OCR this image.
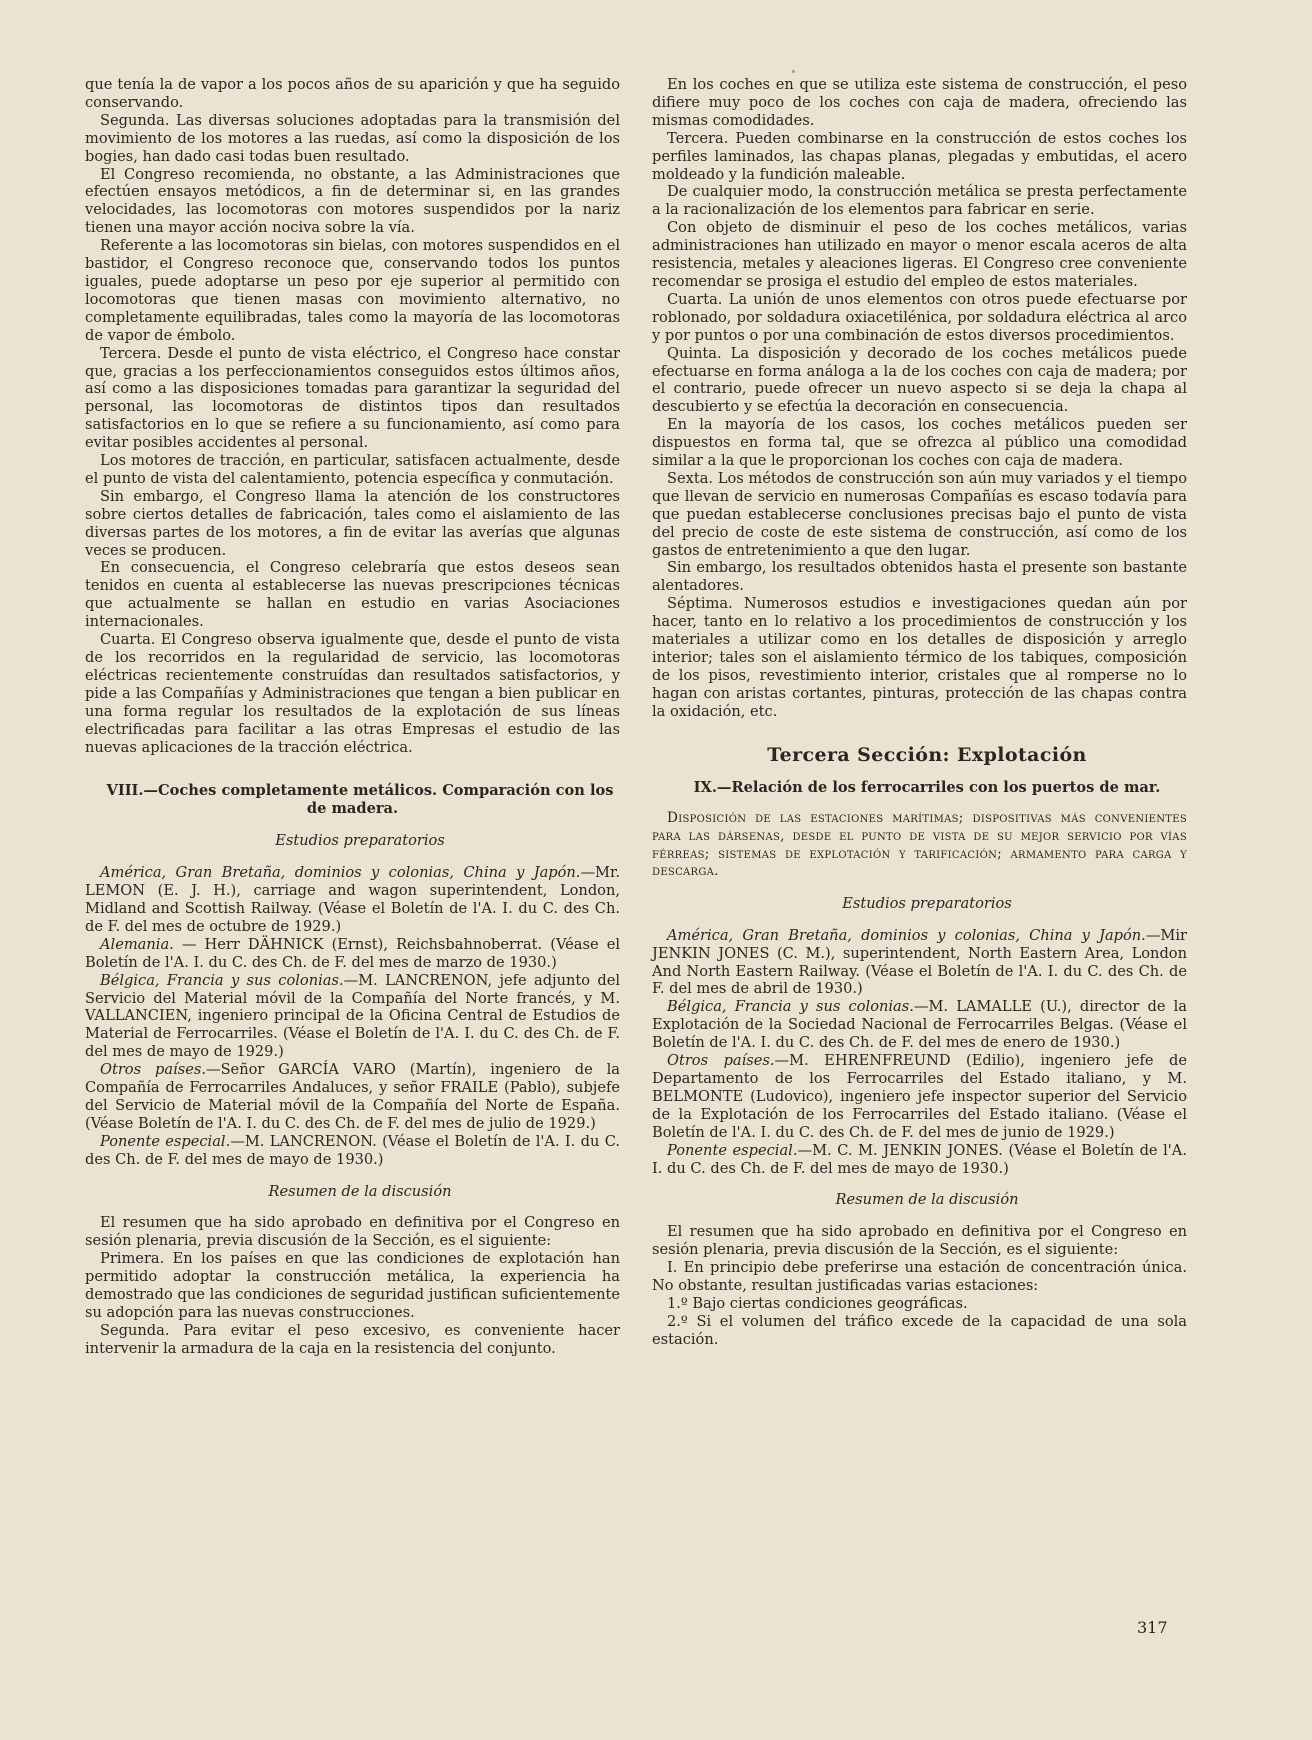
que tenía la de vapor a los pocos años de su aparición y que ha seguido conservando.

Segunda. Las diversas soluciones adoptadas para la transmisión del movimiento de los motores a las ruedas, así como la disposición de los bogies, han dado casi todas buen resultado.

El Congreso recomienda, no obstante, a las Administraciones que efectúen ensayos metódicos, a fin de determinar si, en las grandes velocidades, las locomotoras con motores suspendidos por la nariz tienen una mayor acción nociva sobre la vía.

Referente a las locomotoras sin bielas, con motores suspendidos en el bastidor, el Congreso reconoce que, conservando todos los puntos iguales, puede adoptarse un peso por eje superior al permitido con locomotoras que tienen masas con movimiento alternativo, no completamente equilibradas, tales como la mayoría de las locomotoras de vapor de émbolo.

Tercera. Desde el punto de vista eléctrico, el Congreso hace constar que, gracias a los perfeccionamientos conseguidos estos últimos años, así como a las disposiciones tomadas para garantizar la seguridad del personal, las locomotoras de distintos tipos dan resultados satisfactorios en lo que se refiere a su funcionamiento, así como para evitar posibles accidentes al personal.

Los motores de tracción, en particular, satisfacen actualmente, desde el punto de vista del calentamiento, potencia específica y conmutación.

Sin embargo, el Congreso llama la atención de los constructores sobre ciertos detalles de fabricación, tales como el aislamiento de las diversas partes de los motores, a fin de evitar las averías que algunas veces se producen.

En consecuencia, el Congreso celebraría que estos deseos sean tenidos en cuenta al establecerse las nuevas prescripciones técnicas que actualmente se hallan en estudio en varias Asociaciones internacionales.

Cuarta. El Congreso observa igualmente que, desde el punto de vista de los recorridos en la regularidad de servicio, las locomotoras eléctricas recientemente construídas dan resultados satisfactorios, y pide a las Compañías y Administraciones que tengan a bien publicar en una forma regular los resultados de la explotación de sus líneas electrificadas para facilitar a las otras Empresas el estudio de las nuevas aplicaciones de la tracción eléctrica.

VIII.—Coches completamente metálicos. Comparación con los de madera.

Estudios preparatorios

América, Gran Bretaña, dominios y colonias, China y Japón.—Mr. LEMON (E. J. H.), carriage and wagon superintendent, London, Midland and Scottish Railway. (Véase el Boletín de l'A. I. du C. des Ch. de F. del mes de octubre de 1929.)

Alemania. — Herr DÄHNICK (Ernst), Reichsbahnoberrat. (Véase el Boletín de l'A. I. du C. des Ch. de F. del mes de marzo de 1930.)

Bélgica, Francia y sus colonias.—M. LANCRENON, jefe adjunto del Servicio del Material móvil de la Compañía del Norte francés, y M. VALLANCIEN, ingeniero principal de la Oficina Central de Estudios de Material de Ferrocarriles. (Véase el Boletín de l'A. I. du C. des Ch. de F. del mes de mayo de 1929.)

Otros países.—Señor GARCÍA VARO (Martín), ingeniero de la Compañía de Ferrocarriles Andaluces, y señor FRAILE (Pablo), subjefe del Servicio de Material móvil de la Compañía del Norte de España. (Véase Boletín de l'A. I. du C. des Ch. de F. del mes de julio de 1929.)

Ponente especial.—M. LANCRENON. (Véase el Boletín de l'A. I. du C. des Ch. de F. del mes de mayo de 1930.)

Resumen de la discusión

El resumen que ha sido aprobado en definitiva por el Congreso en sesión plenaria, previa discusión de la Sección, es el siguiente:

Primera. En los países en que las condiciones de explotación han permitido adoptar la construcción metálica, la experiencia ha demostrado que las condiciones de seguridad justifican suficientemente su adopción para las nuevas construcciones.

Segunda. Para evitar el peso excesivo, es conveniente hacer intervenir la armadura de la caja en la resistencia del conjunto.

En los coches en que se utiliza este sistema de construcción, el peso difiere muy poco de los coches con caja de madera, ofreciendo las mismas comodidades.

Tercera. Pueden combinarse en la construcción de estos coches los perfiles laminados, las chapas planas, plegadas y embutidas, el acero moldeado y la fundición maleable.

De cualquier modo, la construcción metálica se presta perfectamente a la racionalización de los elementos para fabricar en serie.

Con objeto de disminuir el peso de los coches metálicos, varias administraciones han utilizado en mayor o menor escala aceros de alta resistencia, metales y aleaciones ligeras. El Congreso cree conveniente recomendar se prosiga el estudio del empleo de estos materiales.

Cuarta. La unión de unos elementos con otros puede efectuarse por roblonado, por soldadura oxiacetilénica, por soldadura eléctrica al arco y por puntos o por una combinación de estos diversos procedimientos.

Quinta. La disposición y decorado de los coches metálicos puede efectuarse en forma análoga a la de los coches con caja de madera; por el contrario, puede ofrecer un nuevo aspecto si se deja la chapa al descubierto y se efectúa la decoración en consecuencia.

En la mayoría de los casos, los coches metálicos pueden ser dispuestos en forma tal, que se ofrezca al público una comodidad similar a la que le proporcionan los coches con caja de madera.

Sexta. Los métodos de construcción son aún muy variados y el tiempo que llevan de servicio en numerosas Compañías es escaso todavía para que puedan establecerse conclusiones precisas bajo el punto de vista del precio de coste de este sistema de construcción, así como de los gastos de entretenimiento a que den lugar.

Sin embargo, los resultados obtenidos hasta el presente son bastante alentadores.

Séptima. Numerosos estudios e investigaciones quedan aún por hacer, tanto en lo relativo a los procedimientos de construcción y los materiales a utilizar como en los detalles de disposición y arreglo interior; tales son el aislamiento térmico de los tabiques, composición de los pisos, revestimiento interior, cristales que al romperse no lo hagan con aristas cortantes, pinturas, protección de las chapas contra la oxidación, etc.

Tercera Sección: Explotación

IX.—Relación de los ferrocarriles con los puertos de mar.

Disposición de las estaciones marítimas; dispositivas más convenientes para las dársenas, desde el punto de vista de su mejor servicio por vías férreas; sistemas de explotación y tarificación; armamento para carga y descarga.

Estudios preparatorios

América, Gran Bretaña, dominios y colonias, China y Japón.—Mir JENKIN JONES (C. M.), superintendent, North Eastern Area, London And North Eastern Railway. (Véase el Boletín de l'A. I. du C. des Ch. de F. del mes de abril de 1930.)

Bélgica, Francia y sus colonias.—M. LAMALLE (U.), director de la Explotación de la Sociedad Nacional de Ferrocarriles Belgas. (Véase el Boletín de l'A. I. du C. des Ch. de F. del mes de enero de 1930.)

Otros países.—M. EHRENFREUND (Edilio), ingeniero jefe de Departamento de los Ferrocarriles del Estado italiano, y M. BELMONTE (Ludovico), ingeniero jefe inspector superior del Servicio de la Explotación de los Ferrocarriles del Estado italiano. (Véase el Boletín de l'A. I. du C. des Ch. de F. del mes de junio de 1929.)

Ponente especial.—M. C. M. JENKIN JONES. (Véase el Boletín de l'A. I. du C. des Ch. de F. del mes de mayo de 1930.)

Resumen de la discusión

El resumen que ha sido aprobado en definitiva por el Congreso en sesión plenaria, previa discusión de la Sección, es el siguiente:

I. En principio debe preferirse una estación de concentración única. No obstante, resultan justificadas varias estaciones:

1.º Bajo ciertas condiciones geográficas.

2.º Si el volumen del tráfico excede de la capacidad de una sola estación.

317
